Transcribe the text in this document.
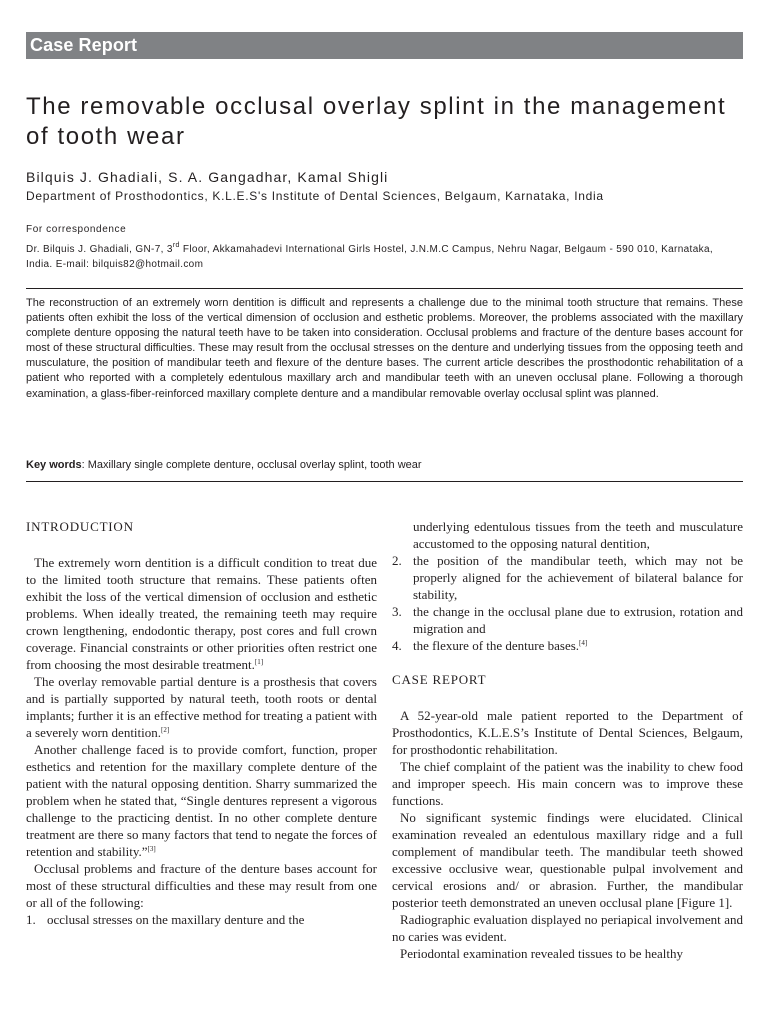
Case Report
The removable occlusal overlay splint in the management of tooth wear
Bilquis J. Ghadiali, S. A. Gangadhar, Kamal Shigli
Department of Prosthodontics, K.L.E.S's Institute of Dental Sciences, Belgaum, Karnataka, India
For correspondence
Dr. Bilquis J. Ghadiali, GN-7, 3rd Floor, Akkamahadevi International Girls Hostel, J.N.M.C Campus, Nehru Nagar, Belgaum - 590 010, Karnataka, India. E-mail: bilquis82@hotmail.com

The reconstruction of an extremely worn dentition is difficult and represents a challenge due to the minimal tooth structure that remains. These patients often exhibit the loss of the vertical dimension of occlusion and esthetic problems. Moreover, the problems associated with the maxillary complete denture opposing the natural teeth have to be taken into consideration. Occlusal problems and fracture of the denture bases account for most of these structural difficulties. These may result from the occlusal stresses on the denture and underlying tissues from the opposing teeth and musculature, the position of mandibular teeth and flexure of the denture bases. The current article describes the prosthodontic rehabilitation of a patient who reported with a completely edentulous maxillary arch and mandibular teeth with an uneven occlusal plane. Following a thorough examination, a glass-fiber-reinforced maxillary complete denture and a mandibular removable overlay occlusal splint was planned.

Key words: Maxillary single complete denture, occlusal overlay splint, tooth wear
INTRODUCTION

The extremely worn dentition is a difficult condition to treat due to the limited tooth structure that remains. These patients often exhibit the loss of the vertical dimension of occlusion and esthetic problems. When ideally treated, the remaining teeth may require crown lengthening, endodontic therapy, post cores and full crown coverage. Financial constraints or other priorities often restrict one from choosing the most desirable treatment.[1]

The overlay removable partial denture is a prosthesis that covers and is partially supported by natural teeth, tooth roots or dental implants; further it is an effective method for treating a patient with a severely worn dentition.[2]

Another challenge faced is to provide comfort, function, proper esthetics and retention for the maxillary complete denture of the patient with the natural opposing dentition. Sharry summarized the problem when he stated that, “Single dentures represent a vigorous challenge to the practicing dentist. In no other complete denture treatment are there so many factors that tend to negate the forces of retention and stability.”[3]

Occlusal problems and fracture of the denture bases account for most of these structural difficulties and these may result from one or all of the following:

1. occlusal stresses on the maxillary denture and the

underlying edentulous tissues from the teeth and musculature accustomed to the opposing natural dentition,

2. the position of the mandibular teeth, which may not be properly aligned for the achievement of bilateral balance for stability,
3. the change in the occlusal plane due to extrusion, rotation and migration and
4. the flexure of the denture bases.[4]
CASE REPORT

A 52-year-old male patient reported to the Department of Prosthodontics, K.L.E.S’s Institute of Dental Sciences, Belgaum, for prosthodontic rehabilitation.

The chief complaint of the patient was the inability to chew food and improper speech. His main concern was to improve these functions.

No significant systemic findings were elucidated. Clinical examination revealed an edentulous maxillary ridge and a full complement of mandibular teeth. The mandibular teeth showed excessive occlusive wear, questionable pulpal involvement and cervical erosions and/ or abrasion. Further, the mandibular posterior teeth demonstrated an uneven occlusal plane [Figure 1].

Radiographic evaluation displayed no periapical involvement and no caries was evident.

Periodontal examination revealed tissues to be healthy
